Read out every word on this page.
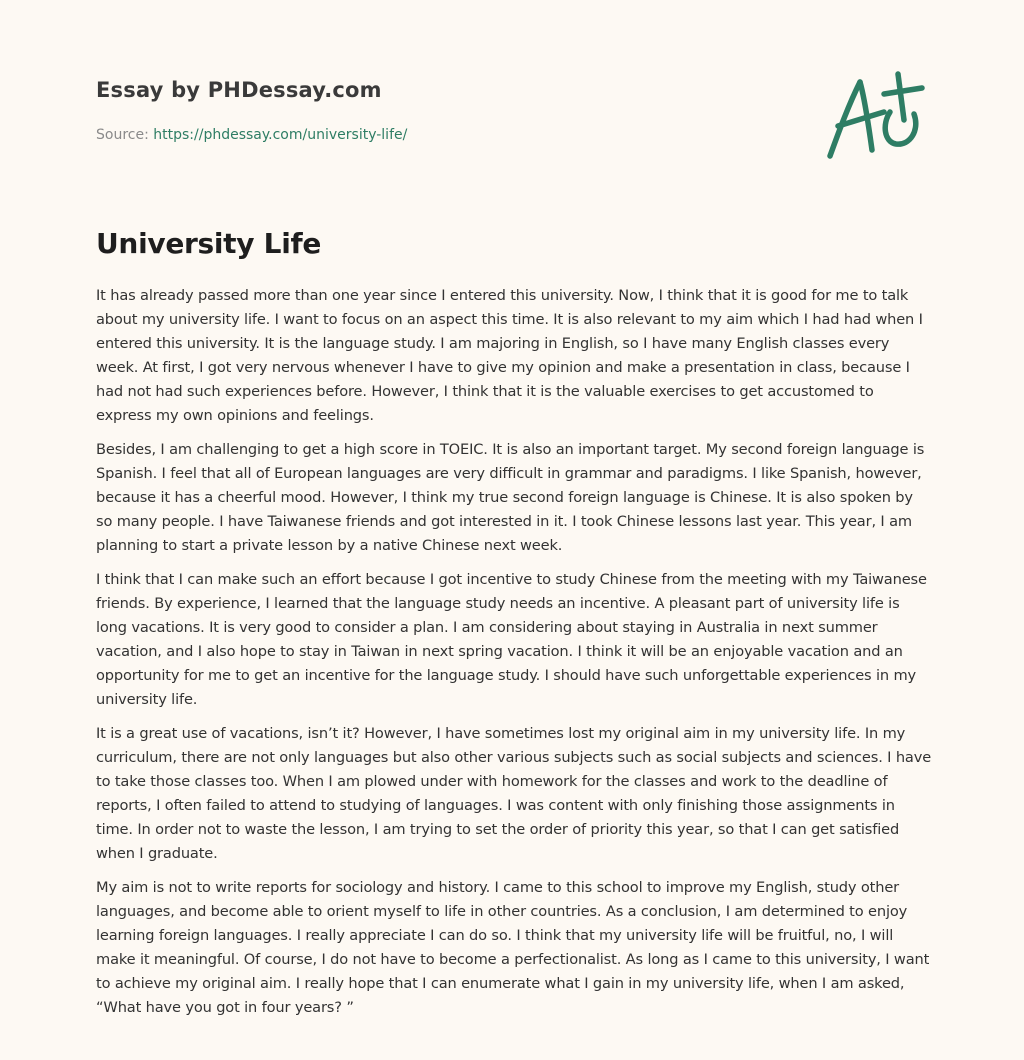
Essay by PHDessay.com
Source: https://phdessay.com/university-life/
University Life

It has already passed more than one year since I entered this university. Now, I think that it is good for me to talk about my university life. I want to focus on an aspect this time. It is also relevant to my aim which I had had when I entered this university. It is the language study. I am majoring in English, so I have many English classes every week. At first, I got very nervous whenever I have to give my opinion and make a presentation in class, because I had not had such experiences before. However, I think that it is the valuable exercises to get accustomed to express my own opinions and feelings.

Besides, I am challenging to get a high score in TOEIC. It is also an important target. My second foreign language is Spanish. I feel that all of European languages are very difficult in grammar and paradigms. I like Spanish, however, because it has a cheerful mood. However, I think my true second foreign language is Chinese. It is also spoken by so many people. I have Taiwanese friends and got interested in it. I took Chinese lessons last year. This year, I am planning to start a private lesson by a native Chinese next week.

I think that I can make such an effort because I got incentive to study Chinese from the meeting with my Taiwanese friends. By experience, I learned that the language study needs an incentive. A pleasant part of university life is long vacations. It is very good to consider a plan. I am considering about staying in Australia in next summer vacation, and I also hope to stay in Taiwan in next spring vacation. I think it will be an enjoyable vacation and an opportunity for me to get an incentive for the language study. I should have such unforgettable experiences in my university life.

It is a great use of vacations, isn’t it? However, I have sometimes lost my original aim in my university life. In my curriculum, there are not only languages but also other various subjects such as social subjects and sciences. I have to take those classes too. When I am plowed under with homework for the classes and work to the deadline of reports, I often failed to attend to studying of languages. I was content with only finishing those assignments in time. In order not to waste the lesson, I am trying to set the order of priority this year, so that I can get satisfied when I graduate.

My aim is not to write reports for sociology and history. I came to this school to improve my English, study other languages, and become able to orient myself to life in other countries. As a conclusion, I am determined to enjoy learning foreign languages. I really appreciate I can do so. I think that my university life will be fruitful, no, I will make it meaningful. Of course, I do not have to become a perfectionalist. As long as I came to this university, I want to achieve my original aim. I really hope that I can enumerate what I gain in my university life, when I am asked, “What have you got in four years? ”
